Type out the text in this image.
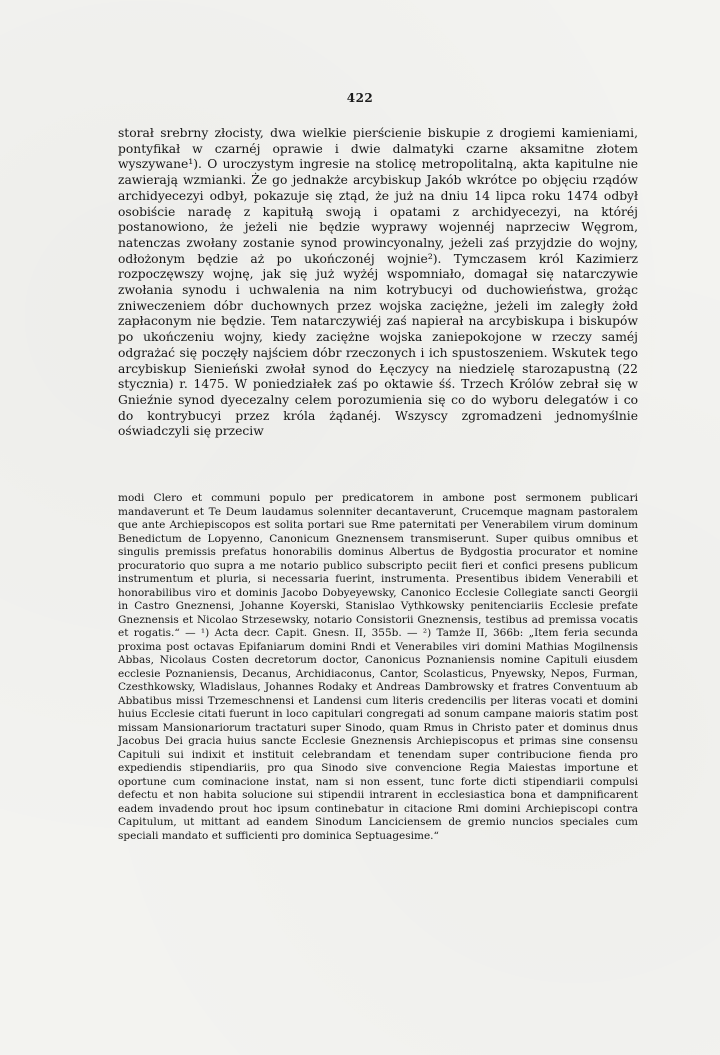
422

storał srebrny złocisty, dwa wielkie pierścienie biskupie z drogiemi kamieniami, pontyfikał w czarnéj oprawie i dwie dalmatyki czarne aksamitne złotem wyszywane¹). O uroczystym ingresie na stolicę metropolitalną, akta kapitulne nie zawierają wzmianki. Że go jednakże arcybiskup Jakób wkrótce po objęciu rządów archidyecezyi odbył, pokazuje się ztąd, że już na dniu 14 lipca roku 1474 odbył osobiście naradę z kapitułą swoją i opatami z archidyecezyi, na któréj postanowiono, że jeżeli nie będzie wyprawy wojennéj naprzeciw Węgrom, natenczas zwołany zostanie synod prowincyonalny, jeżeli zaś przyjdzie do wojny, odłożonym będzie aż po ukończonéj wojnie²). Tymczasem król Kazimierz rozpoczęwszy wojnę, jak się już wyżéj wspomniało, domagał się natarczywie zwołania synodu i uchwalenia na nim kotrybucyi od duchowieństwa, grożąc zniweczeniem dóbr duchownych przez wojska zaciężne, jeżeli im zaległy żołd zapłaconym nie będzie. Tem natarczywiéj zaś napierał na arcybiskupa i biskupów po ukończeniu wojny, kiedy zaciężne wojska zaniepokojone w rzeczy saméj odgrażać się poczęły najściem dóbr rzeczonych i ich spustoszeniem. Wskutek tego arcybiskup Sienieński zwołał synod do Łęczycy na niedzielę starozapustną (22 stycznia) r. 1475. W poniedziałek zaś po oktawie śś. Trzech Królów zebrał się w Gnieźnie synod dyecezalny celem porozumienia się co do wyboru delegatów i co do kontrybucyi przez króla żądanéj. Wszyscy zgromadzeni jednomyślnie oświadczyli się przeciw

modi Clero et communi populo per predicatorem in ambone post sermonem publicari mandaverunt et Te Deum laudamus solenniter decantaverunt, Crucemque magnam pastoralem que ante Archiepiscopos est solita portari sue Rme paternitati per Venerabilem virum dominum Benedictum de Lopyenno, Canonicum Gneznensem transmiserunt. Super quibus omnibus et singulis premissis prefatus honorabilis dominus Albertus de Bydgostia procurator et nomine procuratorio quo supra a me notario publico subscripto peciit fieri et confici presens publicum instrumentum et pluria, si necessaria fuerint, instrumenta. Presentibus ibidem Venerabili et honorabilibus viro et dominis Jacobo Dobyeyewsky, Canonico Ecclesie Collegiate sancti Georgii in Castro Gneznensi, Johanne Koyerski, Stanislao Vythkowsky penitenciariis Ecclesie prefate Gneznensis et Nicolao Strzesewsky, notario Consistorii Gneznensis, testibus ad premissa vocatis et rogatis.“ — ¹) Acta decr. Capit. Gnesn. II, 355b. — ²) Tamże II, 366b: „Item feria secunda proxima post octavas Epifaniarum domini Rndi et Venerabiles viri domini Mathias Mogilnensis Abbas, Nicolaus Costen decretorum doctor, Canonicus Poznaniensis nomine Capituli eiusdem ecclesie Poznaniensis, Decanus, Archidiaconus, Cantor, Scolasticus, Pnyewsky, Nepos, Furman, Czesthkowsky, Wladislaus, Johannes Rodaky et Andreas Dambrowsky et fratres Conventuum ab Abbatibus missi Trzemeschnensi et Landensi cum literis credencilis per literas vocati et domini huius Ecclesie citati fuerunt in loco capitulari congregati ad sonum campane maioris statim post missam Mansionariorum tractaturi super Sinodo, quam Rmus in Christo pater et dominus dnus Jacobus Dei gracia huius sancte Ecclesie Gneznensis Archiepiscopus et primas sine consensu Capituli sui indixit et instituit celebrandam et tenendam super contribucione fienda pro expediendis stipendiariis, pro qua Sinodo sive convencione Regia Maiestas importune et oportune cum cominacione instat, nam si non essent, tunc forte dicti stipendiarii compulsi defectu et non habita solucione sui stipendii intrarent in ecclesiastica bona et dampnificarent eadem invadendo prout hoc ipsum continebatur in citacione Rmi domini Archiepiscopi contra Capitulum, ut mittant ad eandem Sinodum Lanciciensem de gremio nuncios speciales cum speciali mandato et sufficienti pro dominica Septuagesime.“
